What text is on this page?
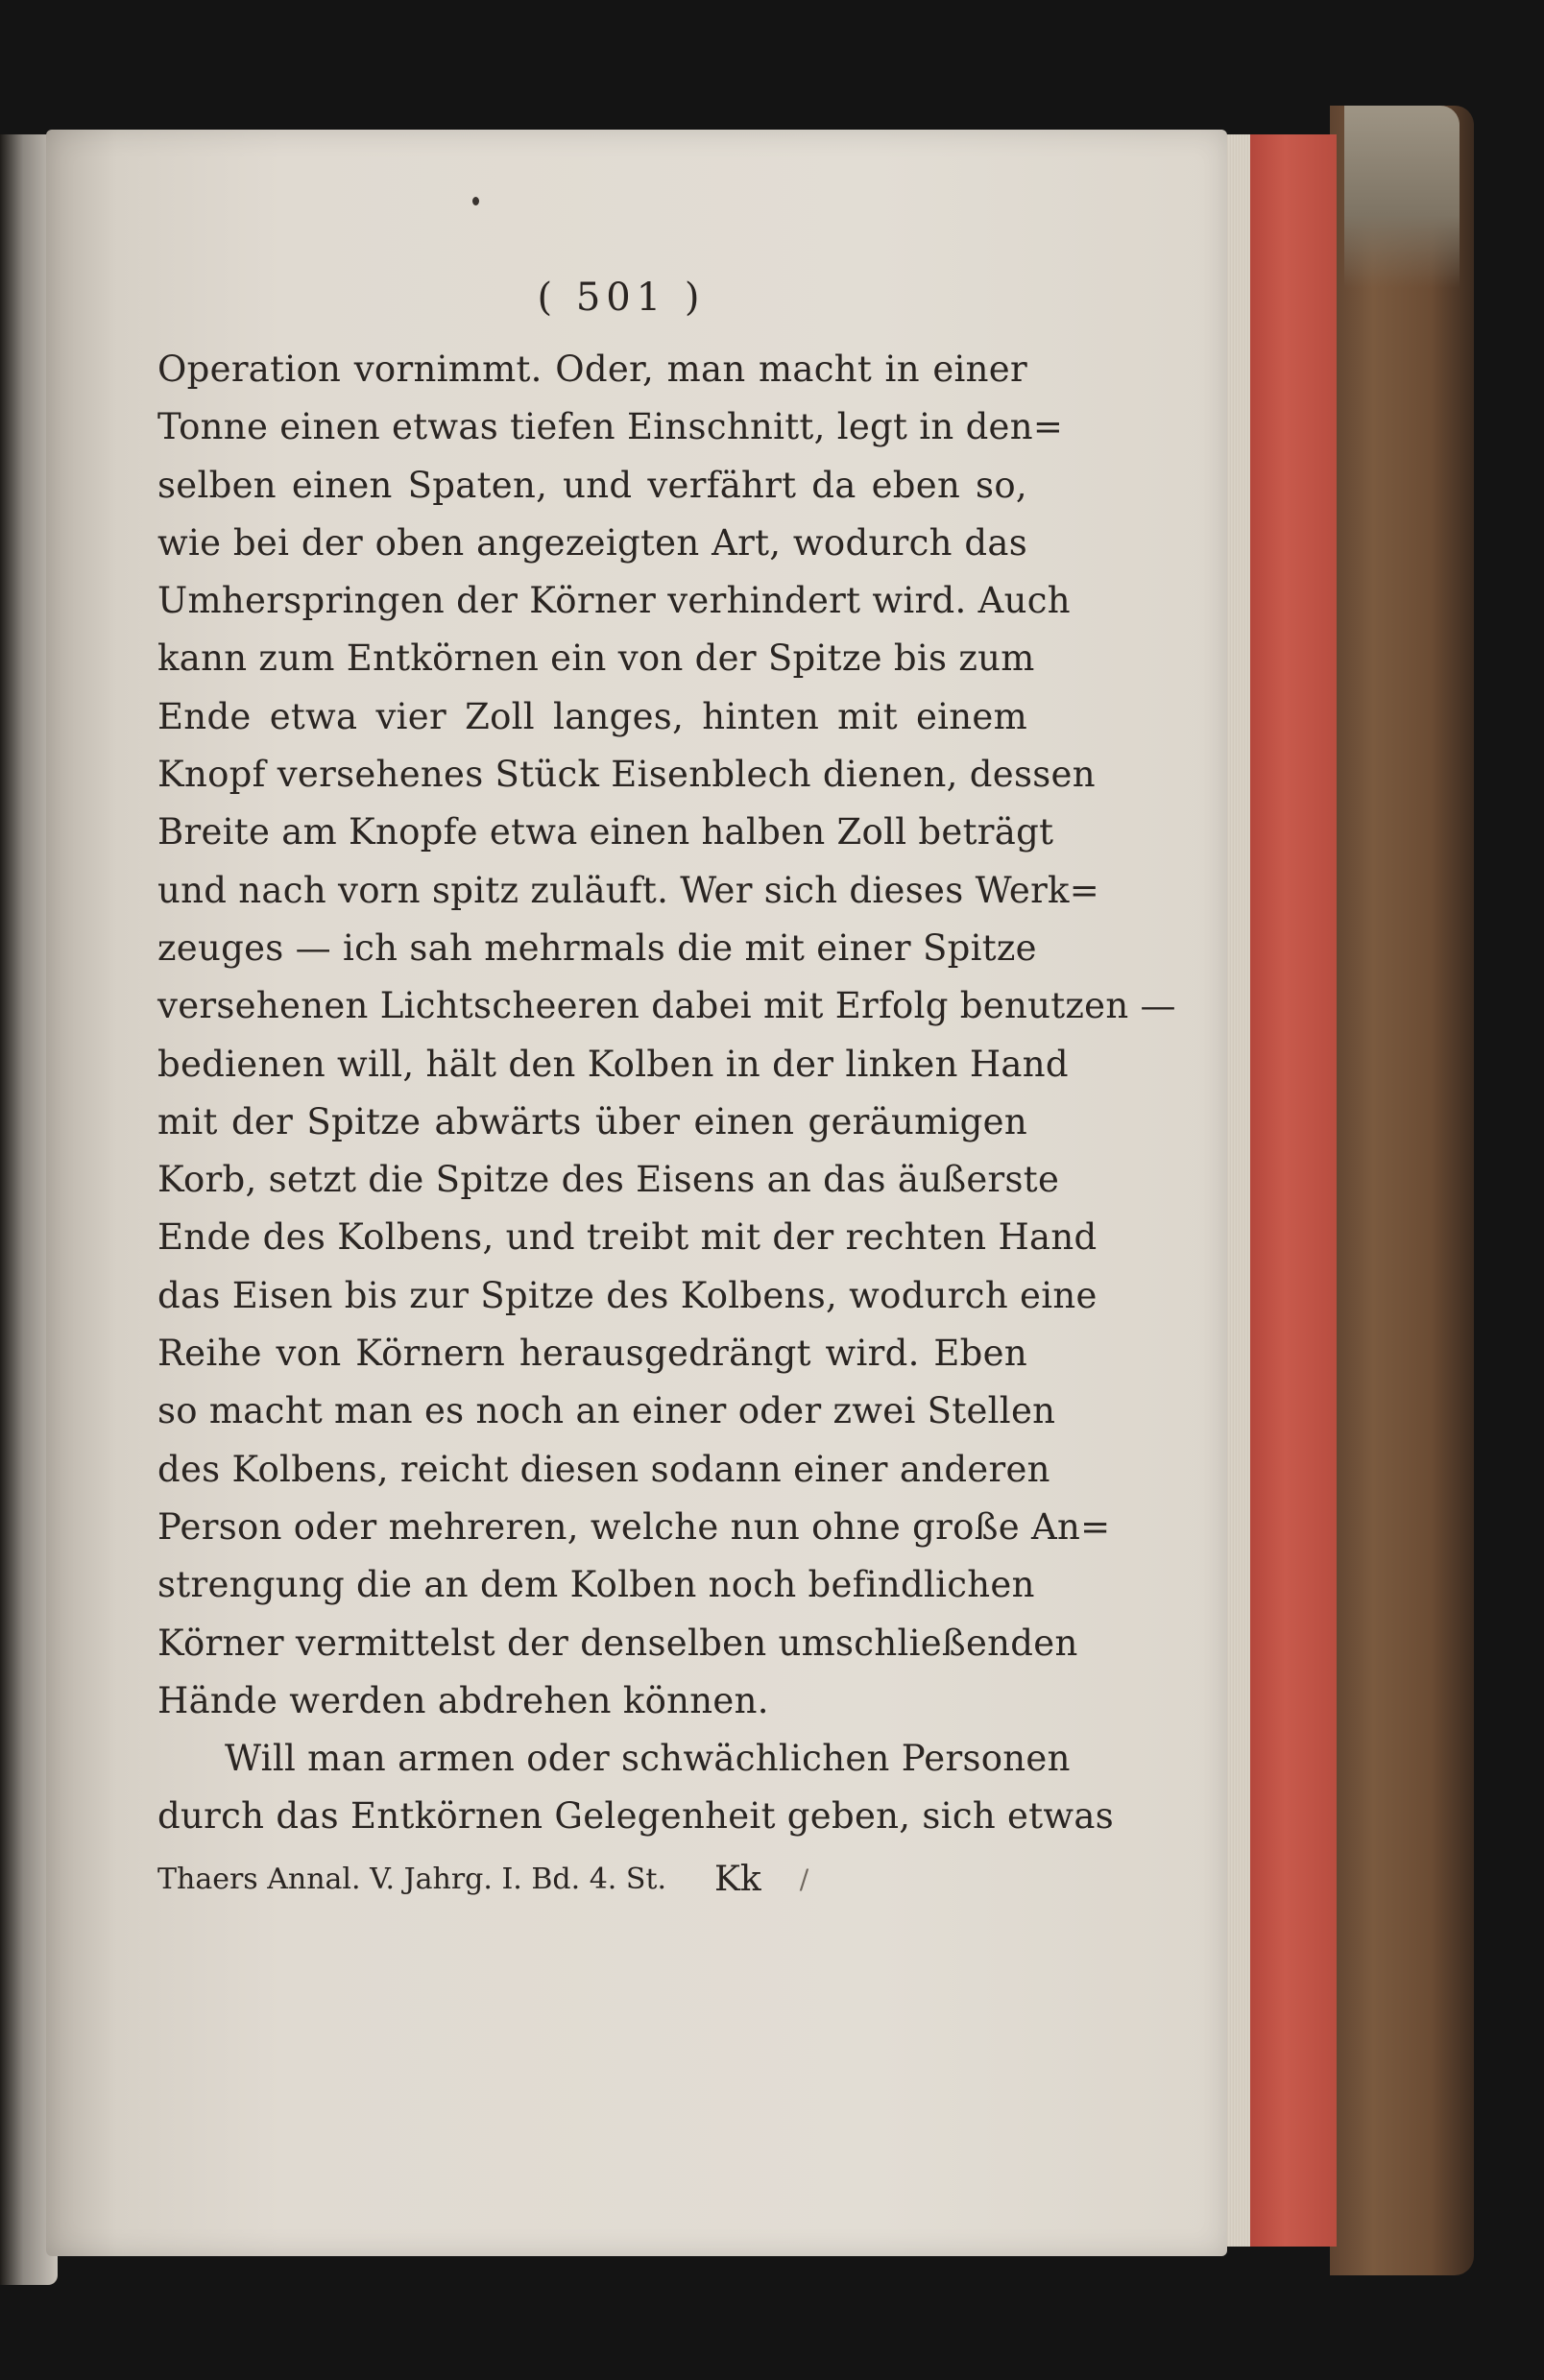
( 501 )
Operation vornimmt. Oder, man macht in einer
Tonne einen etwas tiefen Einschnitt, legt in den=
selben einen Spaten, und verfährt da eben so,
wie bei der oben angezeigten Art, wodurch das
Umherspringen der Körner verhindert wird. Auch
kann zum Entkörnen ein von der Spitze bis zum
Ende etwa vier Zoll langes, hinten mit einem
Knopf versehenes Stück Eisenblech dienen, dessen
Breite am Knopfe etwa einen halben Zoll beträgt
und nach vorn spitz zuläuft. Wer sich dieses Werk=
zeuges — ich sah mehrmals die mit einer Spitze
versehenen Lichtscheeren dabei mit Erfolg benutzen —
bedienen will, hält den Kolben in der linken Hand
mit der Spitze abwärts über einen geräumigen
Korb, setzt die Spitze des Eisens an das äußerste
Ende des Kolbens, und treibt mit der rechten Hand
das Eisen bis zur Spitze des Kolbens, wodurch eine
Reihe von Körnern herausgedrängt wird. Eben
so macht man es noch an einer oder zwei Stellen
des Kolbens, reicht diesen sodann einer anderen
Person oder mehreren, welche nun ohne große An=
strengung die an dem Kolben noch befindlichen
Körner vermittelst der denselben umschließenden
Hände werden abdrehen können.
Will man armen oder schwächlichen Personen
durch das Entkörnen Gelegenheit geben, sich etwas
Thaers Annal. V. Jahrg. I. Bd. 4. St. Kk /
